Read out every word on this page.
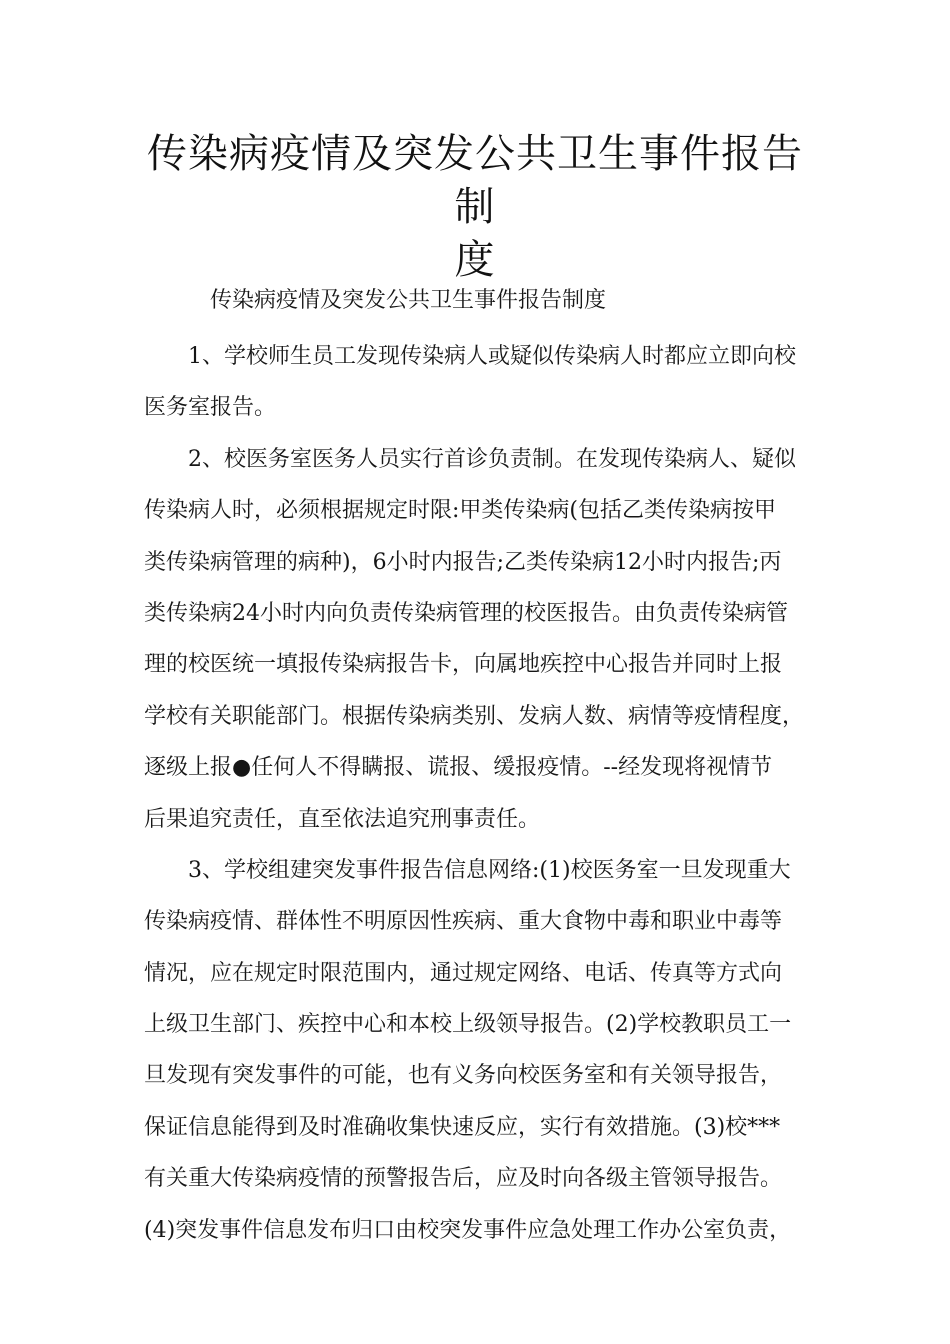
传染病疫情及突发公共卫生事件报告制
度

传染病疫情及突发公共卫生事件报告制度

1、学校师生员工发现传染病人或疑似传染病人时都应立即向校

医务室报告。

2、校医务室医务人员实行首诊负责制。在发现传染病人、疑似

传染病人时，必须根据规定时限:甲类传染病(包括乙类传染病按甲

类传染病管理的病种)，6小时内报告;乙类传染病12小时内报告;丙

类传染病24小时内向负责传染病管理的校医报告。由负责传染病管

理的校医统一填报传染病报告卡，向属地疾控中心报告并同时上报

学校有关职能部门。根据传染病类别、发病人数、病情等疫情程度，

逐级上报●任何人不得瞒报、谎报、缓报疫情。--经发现将视情节

后果追究责任，直至依法追究刑事责任。

3、学校组建突发事件报告信息网络:(1)校医务室一旦发现重大

传染病疫情、群体性不明原因性疾病、重大食物中毒和职业中毒等

情况，应在规定时限范围内，通过规定网络、电话、传真等方式向

上级卫生部门、疾控中心和本校上级领导报告。(2)学校教职员工一

旦发现有突发事件的可能，也有义务向校医务室和有关领导报告，

保证信息能得到及时准确收集快速反应，实行有效措施。(3)校***

有关重大传染病疫情的预警报告后，应及时向各级主管领导报告。

(4)突发事件信息发布归口由校突发事件应急处理工作办公室负责，
